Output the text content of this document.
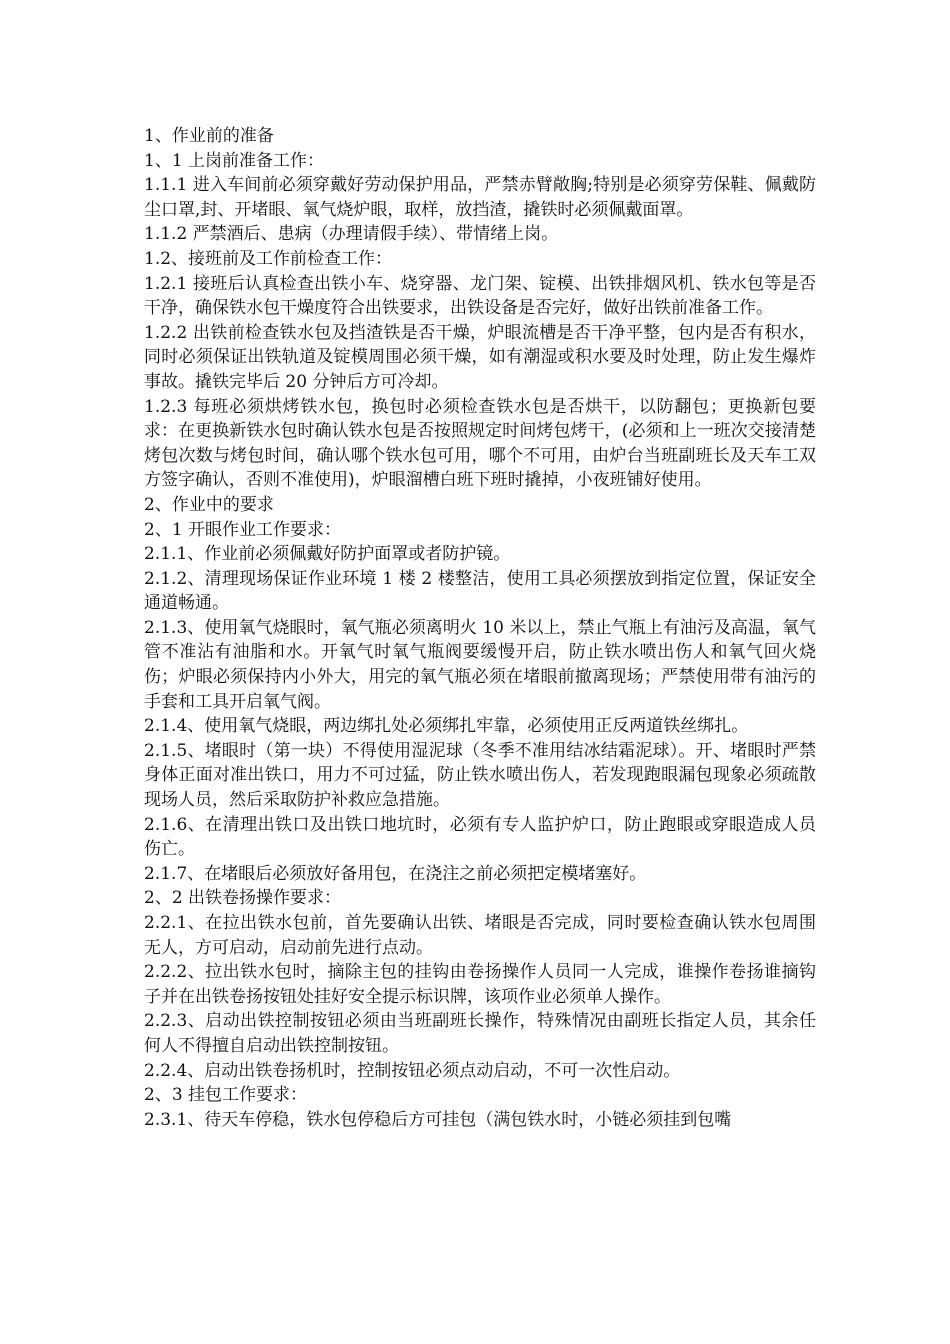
1、作业前的准备

1、1 上岗前准备工作：

1.1.1 进入车间前必须穿戴好劳动保护用品，严禁赤臂敞胸;特别是必须穿劳保鞋、佩戴防尘口罩,封、开堵眼、氧气烧炉眼，取样，放挡渣，撬铁时必须佩戴面罩。

1.1.2 严禁酒后、患病（办理请假手续）、带情绪上岗。

1.2、接班前及工作前检查工作：

1.2.1 接班后认真检查出铁小车、烧穿器、龙门架、锭模、出铁排烟风机、铁水包等是否干净，确保铁水包干燥度符合出铁要求，出铁设备是否完好，做好出铁前准备工作。

1.2.2 出铁前检查铁水包及挡渣铁是否干燥，炉眼流槽是否干净平整，包内是否有积水，同时必须保证出铁轨道及锭模周围必须干燥，如有潮湿或积水要及时处理，防止发生爆炸事故。撬铁完毕后 20 分钟后方可冷却。

1.2.3 每班必须烘烤铁水包，换包时必须检查铁水包是否烘干，以防翻包；更换新包要求：在更换新铁水包时确认铁水包是否按照规定时间烤包烤干，(必须和上一班次交接清楚烤包次数与烤包时间，确认哪个铁水包可用，哪个不可用，由炉台当班副班长及天车工双方签字确认，否则不准使用)，炉眼溜槽白班下班时撬掉，小夜班铺好使用。

2、作业中的要求

2、1 开眼作业工作要求：

2.1.1、作业前必须佩戴好防护面罩或者防护镜。

2.1.2、清理现场保证作业环境 1 楼 2 楼整洁，使用工具必须摆放到指定位置，保证安全通道畅通。

2.1.3、使用氧气烧眼时，氧气瓶必须离明火 10 米以上，禁止气瓶上有油污及高温，氧气管不准沾有油脂和水。开氧气时氧气瓶阀要缓慢开启，防止铁水喷出伤人和氧气回火烧伤；炉眼必须保持内小外大，用完的氧气瓶必须在堵眼前撤离现场；严禁使用带有油污的手套和工具开启氧气阀。

2.1.4、使用氧气烧眼，两边绑扎处必须绑扎牢靠，必须使用正反两道铁丝绑扎。

2.1.5、堵眼时（第一块）不得使用湿泥球（冬季不准用结冰结霜泥球）。开、堵眼时严禁身体正面对准出铁口，用力不可过猛，防止铁水喷出伤人，若发现跑眼漏包现象必须疏散现场人员，然后采取防护补救应急措施。

2.1.6、在清理出铁口及出铁口地坑时，必须有专人监护炉口，防止跑眼或穿眼造成人员伤亡。

2.1.7、在堵眼后必须放好备用包，在浇注之前必须把定模堵塞好。

2、2 出铁卷扬操作要求：

2.2.1、在拉出铁水包前，首先要确认出铁、堵眼是否完成，同时要检查确认铁水包周围无人，方可启动，启动前先进行点动。

2.2.2、拉出铁水包时，摘除主包的挂钩由卷扬操作人员同一人完成，谁操作卷扬谁摘钩子并在出铁卷扬按钮处挂好安全提示标识牌，该项作业必须单人操作。

2.2.3、启动出铁控制按钮必须由当班副班长操作，特殊情况由副班长指定人员，其余任何人不得擅自启动出铁控制按钮。

2.2.4、启动出铁卷扬机时，控制按钮必须点动启动，不可一次性启动。

2、3 挂包工作要求：

2.3.1、待天车停稳，铁水包停稳后方可挂包（满包铁水时，小链必须挂到包嘴
